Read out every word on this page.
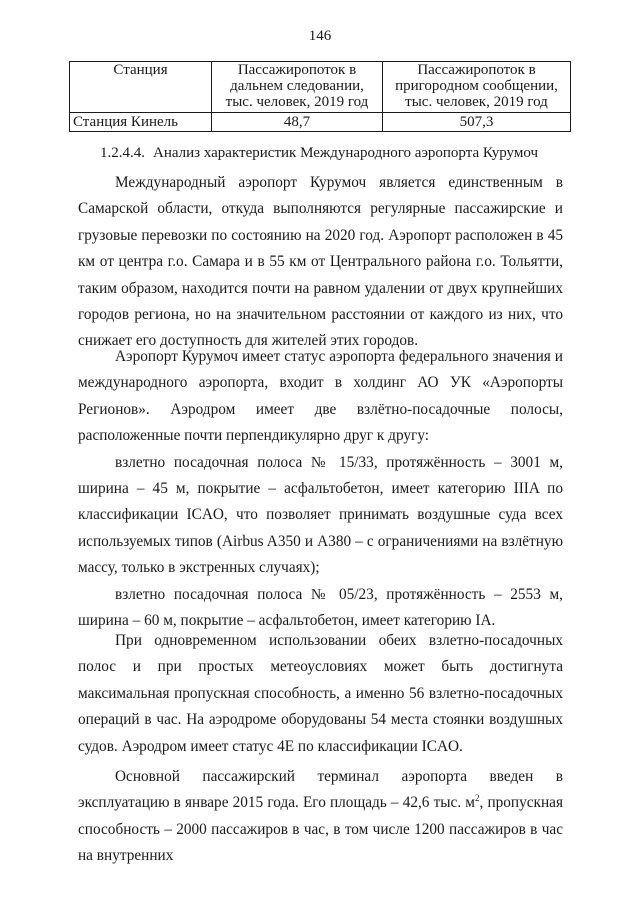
146
Станция	Пассажиропоток в дальнем следовании, тыс. человек, 2019 год	Пассажиропоток в пригородном сообщении, тыс. человек, 2019 год
Станция Кинель	48,7	507,3
1.2.4.4. Анализ характеристик Международного аэропорта Курумоч

Международный аэропорт Курумоч является единственным в Самарской области, откуда выполняются регулярные пассажирские и грузовые перевозки по состоянию на 2020 год. Аэропорт расположен в 45 км от центра г.о. Самара и в 55 км от Центрального района г.о. Тольятти, таким образом, находится почти на равном удалении от двух крупнейших городов региона, но на значительном расстоянии от каждого из них, что снижает его доступность для жителей этих городов.

Аэропорт Курумоч имеет статус аэропорта федерального значения и международного аэропорта, входит в холдинг АО УК «Аэропорты Регионов». Аэродром имеет две взлётно-посадочные полосы, расположенные почти перпендикулярно друг к другу:

взлетно посадочная полоса № 15/33, протяжённость – 3001 м, ширина – 45 м, покрытие – асфальтобетон, имеет категорию IIIA по классификации ICAO, что позволяет принимать воздушные суда всех используемых типов (Airbus A350 и A380 – с ограничениями на взлётную массу, только в экстренных случаях);

взлетно посадочная полоса № 05/23, протяжённость – 2553 м, ширина – 60 м, покрытие – асфальтобетон, имеет категорию IA.

При одновременном использовании обеих взлетно-посадочных полос и при простых метеоусловиях может быть достигнута максимальная пропускная способность, а именно 56 взлетно-посадочных операций в час. На аэродроме оборудованы 54 места стоянки воздушных судов. Аэродром имеет статус 4E по классификации ICAO.

Основной пассажирский терминал аэропорта введен в эксплуатацию в январе 2015 года. Его площадь – 42,6 тыс. $м^2$, пропускная способность – 2000 пассажиров в час, в том числе 1200 пассажиров в час на внутренних
